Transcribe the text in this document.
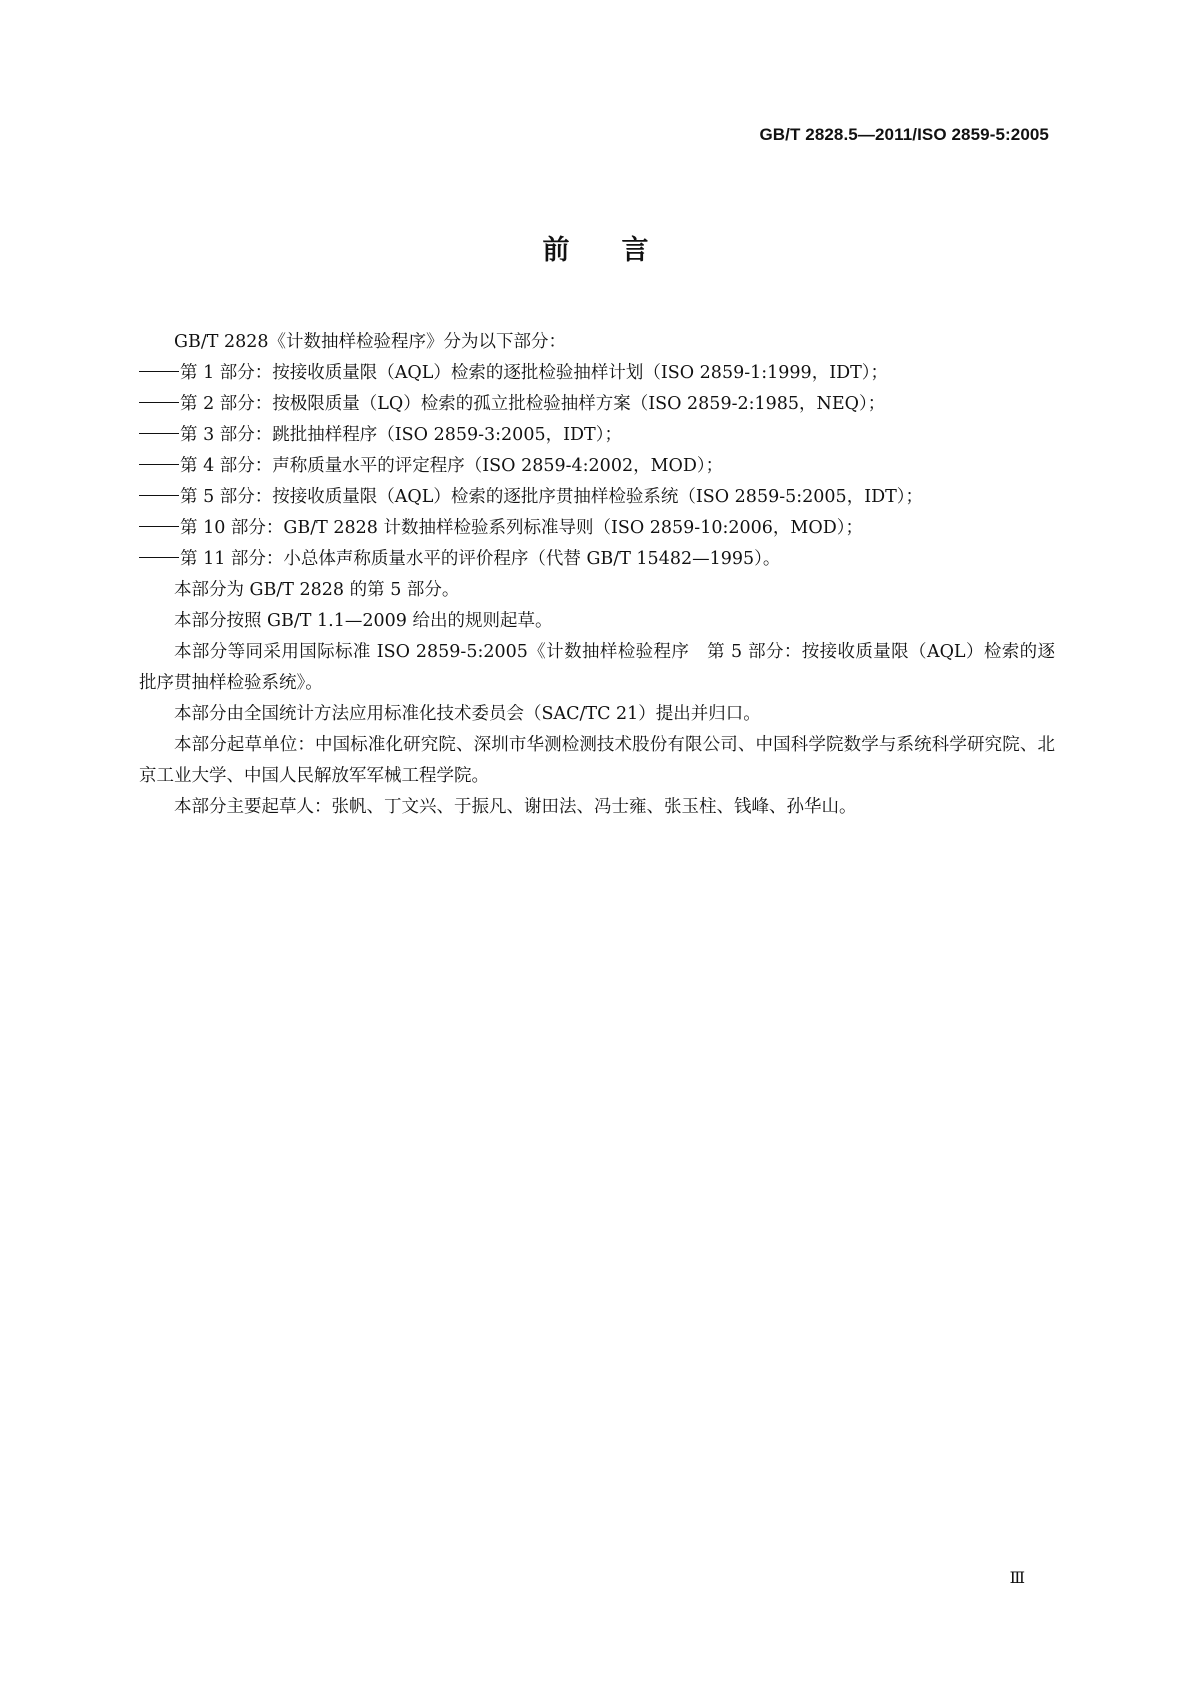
GB/T 2828.5—2011/ISO 2859-5:2005
前言

GB/T 2828《计数抽样检验程序》分为以下部分：

第 1 部分：按接收质量限（AQL）检索的逐批检验抽样计划（ISO 2859-1:1999，IDT）；

第 2 部分：按极限质量（LQ）检索的孤立批检验抽样方案（ISO 2859-2:1985，NEQ）；

第 3 部分：跳批抽样程序（ISO 2859-3:2005，IDT）；

第 4 部分：声称质量水平的评定程序（ISO 2859-4:2002，MOD）；

第 5 部分：按接收质量限（AQL）检索的逐批序贯抽样检验系统（ISO 2859-5:2005，IDT）；

第 10 部分：GB/T 2828 计数抽样检验系列标准导则（ISO 2859-10:2006，MOD）；

第 11 部分：小总体声称质量水平的评价程序（代替 GB/T 15482—1995）。

本部分为 GB/T 2828 的第 5 部分。

本部分按照 GB/T 1.1—2009 给出的规则起草。

本部分等同采用国际标准 ISO 2859-5:2005《计数抽样检验程序　第 5 部分：按接收质量限（AQL）检索的逐批序贯抽样检验系统》。

本部分由全国统计方法应用标准化技术委员会（SAC/TC 21）提出并归口。

本部分起草单位：中国标准化研究院、深圳市华测检测技术股份有限公司、中国科学院数学与系统科学研究院、北京工业大学、中国人民解放军军械工程学院。

本部分主要起草人：张帆、丁文兴、于振凡、谢田法、冯士雍、张玉柱、钱峰、孙华山。

Ⅲ
